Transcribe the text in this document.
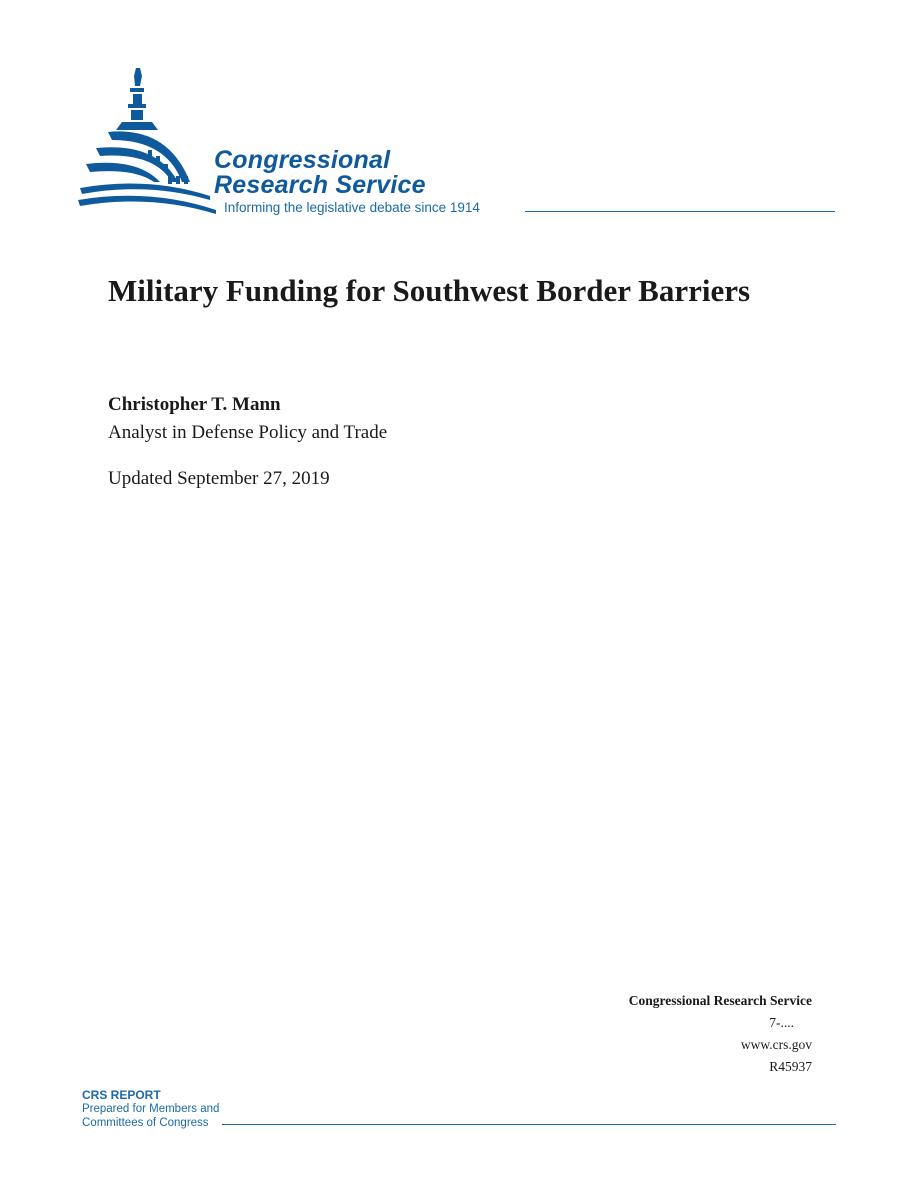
Congressional
Research Service
Informing the legislative debate since 1914
Military Funding for Southwest Border Barriers
Christopher T. Mann
Analyst in Defense Policy and Trade
Updated September 27, 2019
Congressional Research Service
7-....
www.crs.gov
R45937
CRS REPORT
Prepared for Members and
Committees of Congress
